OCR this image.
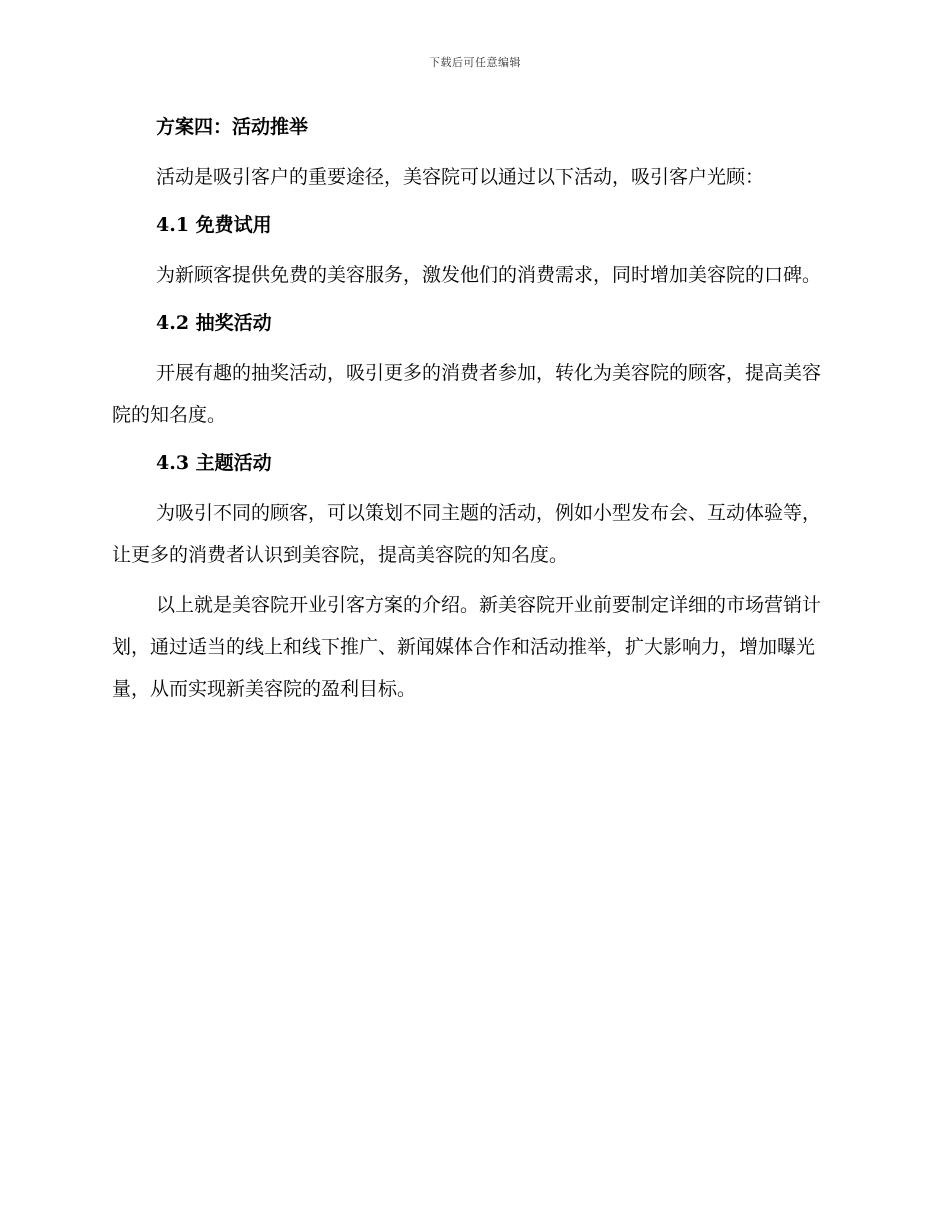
下载后可任意编辑
方案四：活动推举

活动是吸引客户的重要途径，美容院可以通过以下活动，吸引客户光顾：

4.1 免费试用

为新顾客提供免费的美容服务，激发他们的消费需求，同时增加美容院的口碑。

4.2 抽奖活动

开展有趣的抽奖活动，吸引更多的消费者参加，转化为美容院的顾客，提高美容院的知名度。

4.3 主题活动

为吸引不同的顾客，可以策划不同主题的活动，例如小型发布会、互动体验等，让更多的消费者认识到美容院，提高美容院的知名度。

以上就是美容院开业引客方案的介绍。新美容院开业前要制定详细的市场营销计划，通过适当的线上和线下推广、新闻媒体合作和活动推举，扩大影响力，增加曝光量，从而实现新美容院的盈利目标。
